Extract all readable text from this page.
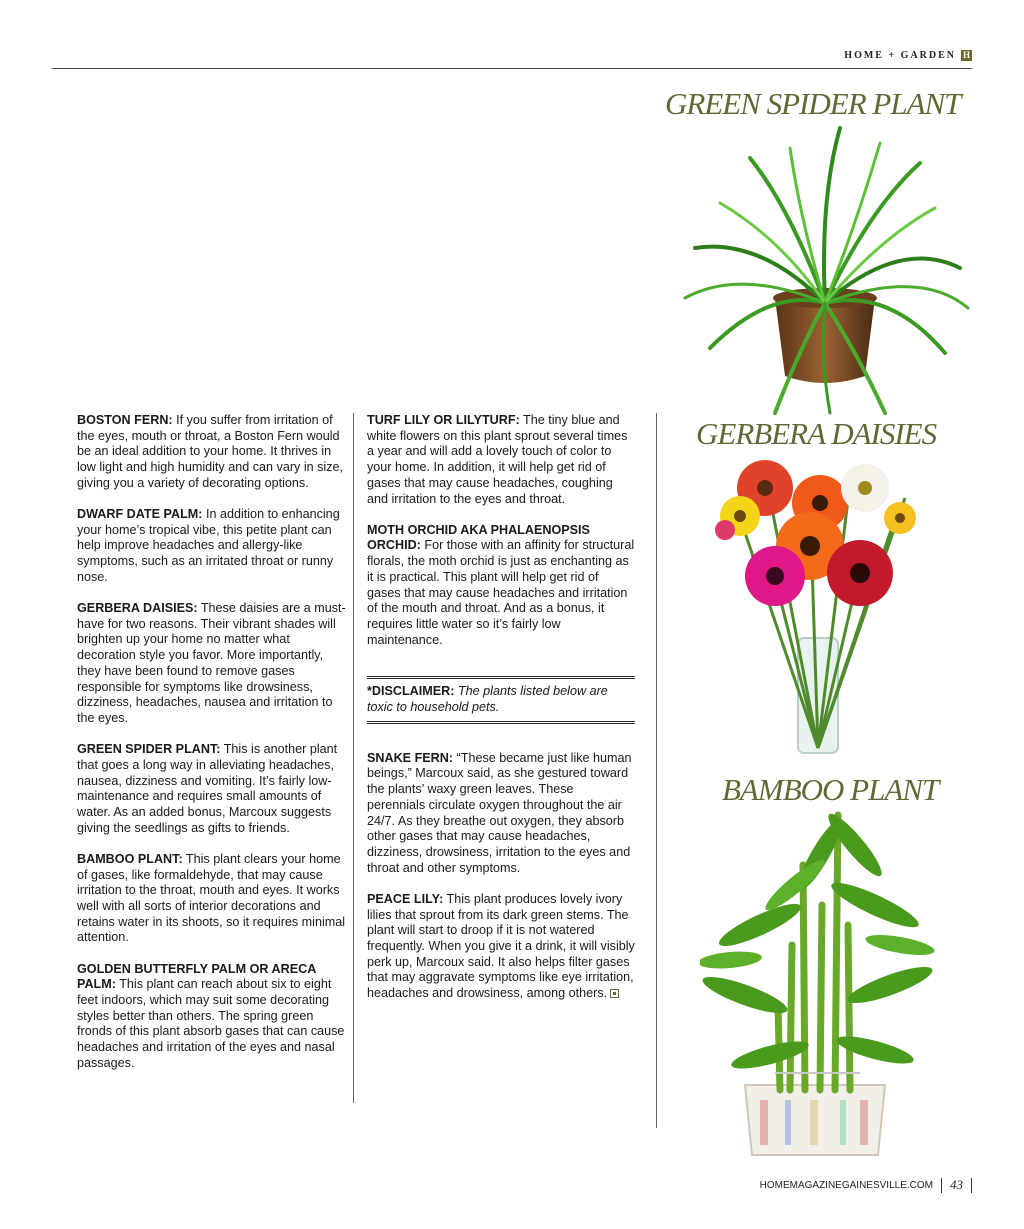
HOME + GARDEN H

BOSTON FERN: If you suffer from irritation of the eyes, mouth or throat, a Boston Fern would be an ideal addition to your home. It thrives in low light and high humidity and can vary in size, giving you a variety of decorating options.

DWARF DATE PALM: In addition to enhancing your home’s tropical vibe, this petite plant can help improve headaches and allergy-like symptoms, such as an irritated throat or runny nose.

GERBERA DAISIES: These daisies are a must-have for two reasons. Their vibrant shades will brighten up your home no matter what decoration style you favor. More importantly, they have been found to remove gases responsible for symptoms like drowsiness, dizziness, headaches, nausea and irritation to the eyes.

GREEN SPIDER PLANT: This is another plant that goes a long way in alleviating headaches, nausea, dizziness and vomiting. It’s fairly low-maintenance and requires small amounts of water. As an added bonus, Marcoux suggests giving the seedlings as gifts to friends.

BAMBOO PLANT: This plant clears your home of gases, like formaldehyde, that may cause irritation to the throat, mouth and eyes. It works well with all sorts of interior decorations and retains water in its shoots, so it requires minimal attention.

GOLDEN BUTTERFLY PALM OR ARECA PALM: This plant can reach about six to eight feet indoors, which may suit some decorating styles better than others. The spring green fronds of this plant absorb gases that can cause headaches and irritation of the eyes and nasal passages.

TURF LILY OR LILYTURF: The tiny blue and white flowers on this plant sprout several times a year and will add a lovely touch of color to your home. In addition, it will help get rid of gases that may cause headaches, coughing and irritation to the eyes and throat.

MOTH ORCHID AKA PHALAENOPSIS ORCHID: For those with an affinity for structural florals, the moth orchid is just as enchanting as it is practical. This plant will help get rid of gases that may cause headaches and irritation of the mouth and throat. And as a bonus, it requires little water so it’s fairly low maintenance.

*DISCLAIMER: The plants listed below are toxic to household pets.

SNAKE FERN: “These became just like human beings,” Marcoux said, as she gestured toward the plants’ waxy green leaves. These perennials circulate oxygen throughout the air 24/7. As they breathe out oxygen, they absorb other gases that may cause headaches, dizziness, drowsiness, irritation to the eyes and throat and other symptoms.

PEACE LILY: This plant produces lovely ivory lilies that sprout from its dark green stems. The plant will start to droop if it is not watered frequently. When you give it a drink, it will visibly perk up, Marcoux said. It also helps filter gases that may aggravate symptoms like eye irritation, headaches and drowsiness, among others.

GREEN SPIDER PLANT
GERBERA DAISIES
BAMBOO PLANT
HOMEMAGAZINEGAINESVILLE.COM 43
